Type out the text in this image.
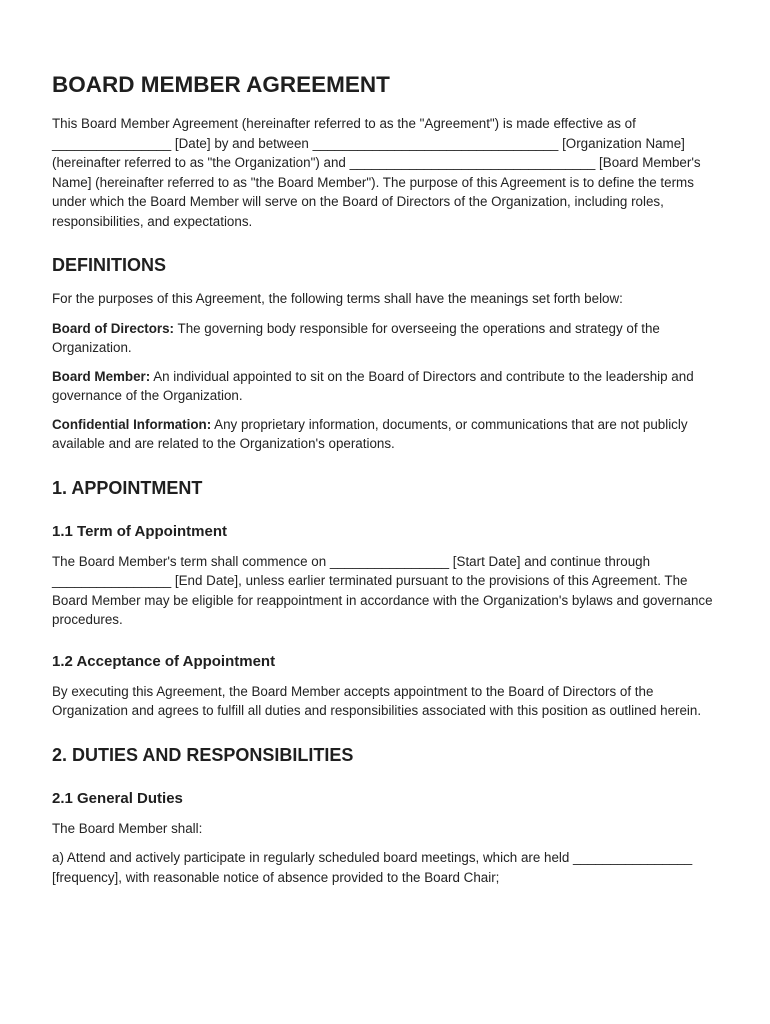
BOARD MEMBER AGREEMENT

This Board Member Agreement (hereinafter referred to as the "Agreement") is made effective as of ________________ [Date] by and between _________________________________ [Organization Name] (hereinafter referred to as "the Organization") and _________________________________ [Board Member's Name] (hereinafter referred to as "the Board Member"). The purpose of this Agreement is to define the terms under which the Board Member will serve on the Board of Directors of the Organization, including roles, responsibilities, and expectations.

DEFINITIONS

For the purposes of this Agreement, the following terms shall have the meanings set forth below:

Board of Directors: The governing body responsible for overseeing the operations and strategy of the Organization.

Board Member: An individual appointed to sit on the Board of Directors and contribute to the leadership and governance of the Organization.

Confidential Information: Any proprietary information, documents, or communications that are not publicly available and are related to the Organization's operations.

1. APPOINTMENT
1.1 Term of Appointment

The Board Member's term shall commence on ________________ [Start Date] and continue through ________________ [End Date], unless earlier terminated pursuant to the provisions of this Agreement. The Board Member may be eligible for reappointment in accordance with the Organization's bylaws and governance procedures.

1.2 Acceptance of Appointment

By executing this Agreement, the Board Member accepts appointment to the Board of Directors of the Organization and agrees to fulfill all duties and responsibilities associated with this position as outlined herein.

2. DUTIES AND RESPONSIBILITIES
2.1 General Duties

The Board Member shall:

a) Attend and actively participate in regularly scheduled board meetings, which are held ________________ [frequency], with reasonable notice of absence provided to the Board Chair;
